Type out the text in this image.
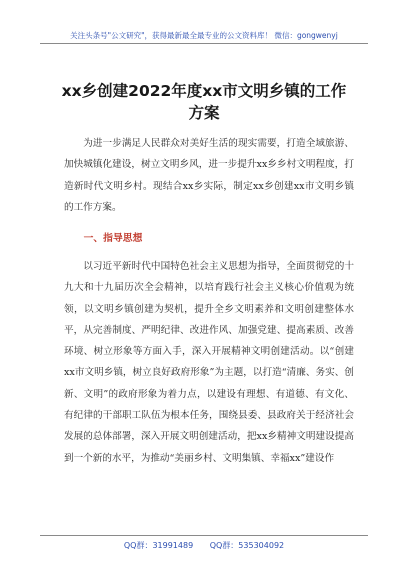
关注头条号"公文研究"，获得最新最全最专业的公文资料库！ 微信：gongwenyj
xx乡创建2022年度xx市文明乡镇的工作
方案

为进一步满足人民群众对美好生活的现实需要，打造全域旅游、加快城镇化建设，树立文明乡风，进一步提升xx乡乡村文明程度，打造新时代文明乡村。现结合xx乡实际，制定xx乡创建xx市文明乡镇的工作方案。

一、指导思想

以习近平新时代中国特色社会主义思想为指导，全面贯彻党的十九大和十九届历次全会精神，以培育践行社会主义核心价值观为统领，以文明乡镇创建为契机，提升全乡文明素养和文明创建整体水平，从完善制度、严明纪律、改进作风、加强党建、提高素质、改善环境、树立形象等方面入手，深入开展精神文明创建活动。以“创建xx市文明乡镇，树立良好政府形象”为主题，以打造“清廉、务实、创新、文明”的政府形象为着力点，以建设有理想、有道德、有文化、有纪律的干部职工队伍为根本任务，围绕县委、县政府关于经济社会发展的总体部署，深入开展文明创建活动，把xx乡精神文明建设提高到一个新的水平，为推动“美丽乡村、文明集镇、幸福xx”建设作

QQ群：31991489 QQ群：535304092
